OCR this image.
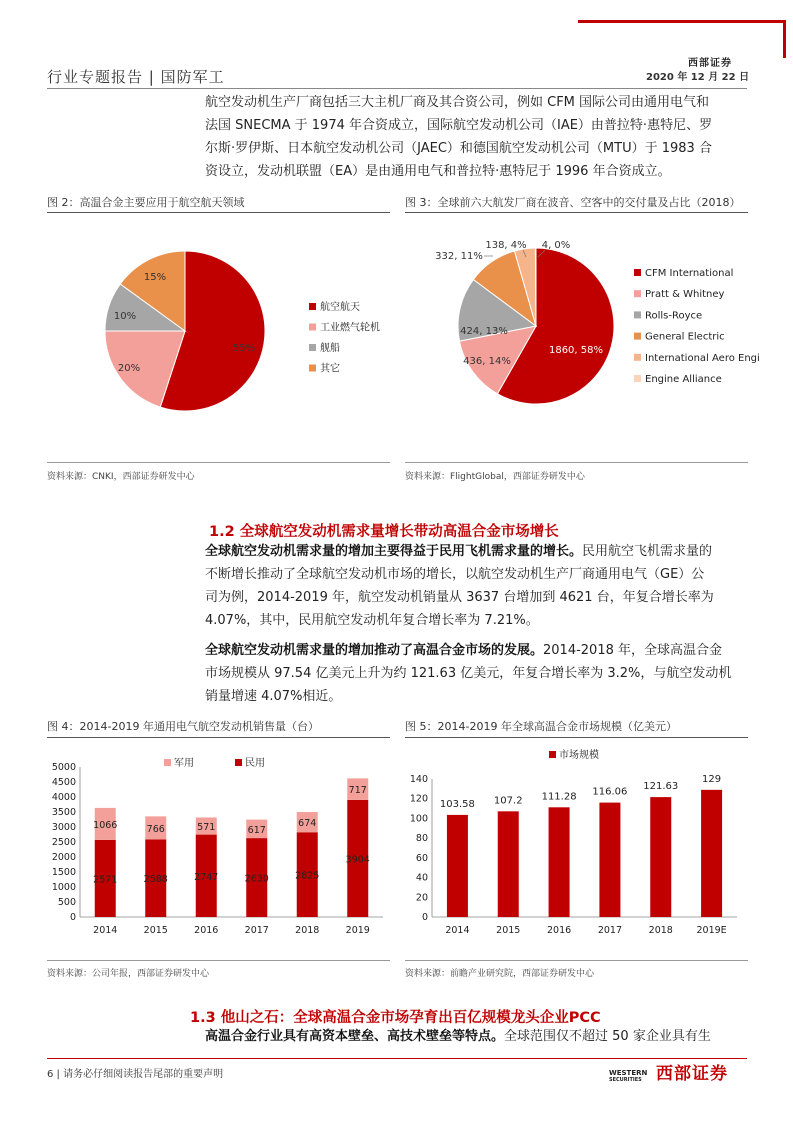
西部证券
行业专题报告 | 国防军工	2020 年 12 月 22 日
航空发动机生产厂商包括三大主机厂商及其合资公司，例如 CFM 国际公司由通用电气和
法国 SNECMA 于 1974 年合资成立，国际航空发动机公司（IAE）由普拉特·惠特尼、罗
尔斯·罗伊斯、日本航空发动机公司（JAEC）和德国航空发动机公司（MTU）于 1983 合
资设立，发动机联盟（EA）是由通用电气和普拉特·惠特尼于 1996 年合资成立。
图 2：高温合金主要应用于航空航天领域
55%
20%
10%
15%
航空航天
工业燃气轮机
舰船
其它
资料来源：CNKI，西部证券研发中心
图 3：全球前六大航发厂商在波音、空客中的交付量及占比（2018）
1860, 58%
436, 14%
424, 13%
332, 11%
138, 4% 4, 0%
CFM International
Pratt & Whitney
Rolls-Royce
General Electric
International Aero Engi
Engine Alliance
资料来源：FlightGlobal，西部证券研发中心
1.2 全球航空发动机需求量增长带动高温合金市场增长
全球航空发动机需求量的增加主要得益于民用飞机需求量的增长。民用航空飞机需求量的
不断增长推动了全球航空发动机市场的增长，以航空发动机生产厂商通用电气（GE）公
司为例，2014-2019 年，航空发动机销量从 3637 台增加到 4621 台，年复合增长率为
4.07%，其中，民用航空发动机年复合增长率为 7.21%。
全球航空发动机需求量的增加推动了高温合金市场的发展。2014-2018 年，全球高温合金
市场规模从 97.54 亿美元上升为约 121.63 亿美元，年复合增长率为 3.2%，与航空发动机
销量增速 4.07%相近。
图 4：2014-2019 年通用电气航空发动机销售量（台）
0
500
1000
1500
2000
2500
3000
3500
4000
4500
5000
2014	2015	2016	2017	2018	2019
2571
1066
2588
766
2747
571
2630
617
2825
674
3904
717
军用	民用
资料来源：公司年报，西部证券研发中心
图 5：2014-2019 年全球高温合金市场规模（亿美元）
0
20
40
60
80
100
120
140
2014	2015	2016	2017	2018 2019E
103.58 107.2 111.28 116.06 121.63
129
市场规模
资料来源：前瞻产业研究院，西部证券研发中心
1.3 他山之石：全球高温合金市场孕育出百亿规模龙头企业PCC
高温合金行业具有高资本壁垒、高技术壁垒等特点。全球范围仅不超过 50 家企业具有生
6 | 请务必仔细阅读报告尾部的重要声明	WESTERN
SECURITIES 西部证券
